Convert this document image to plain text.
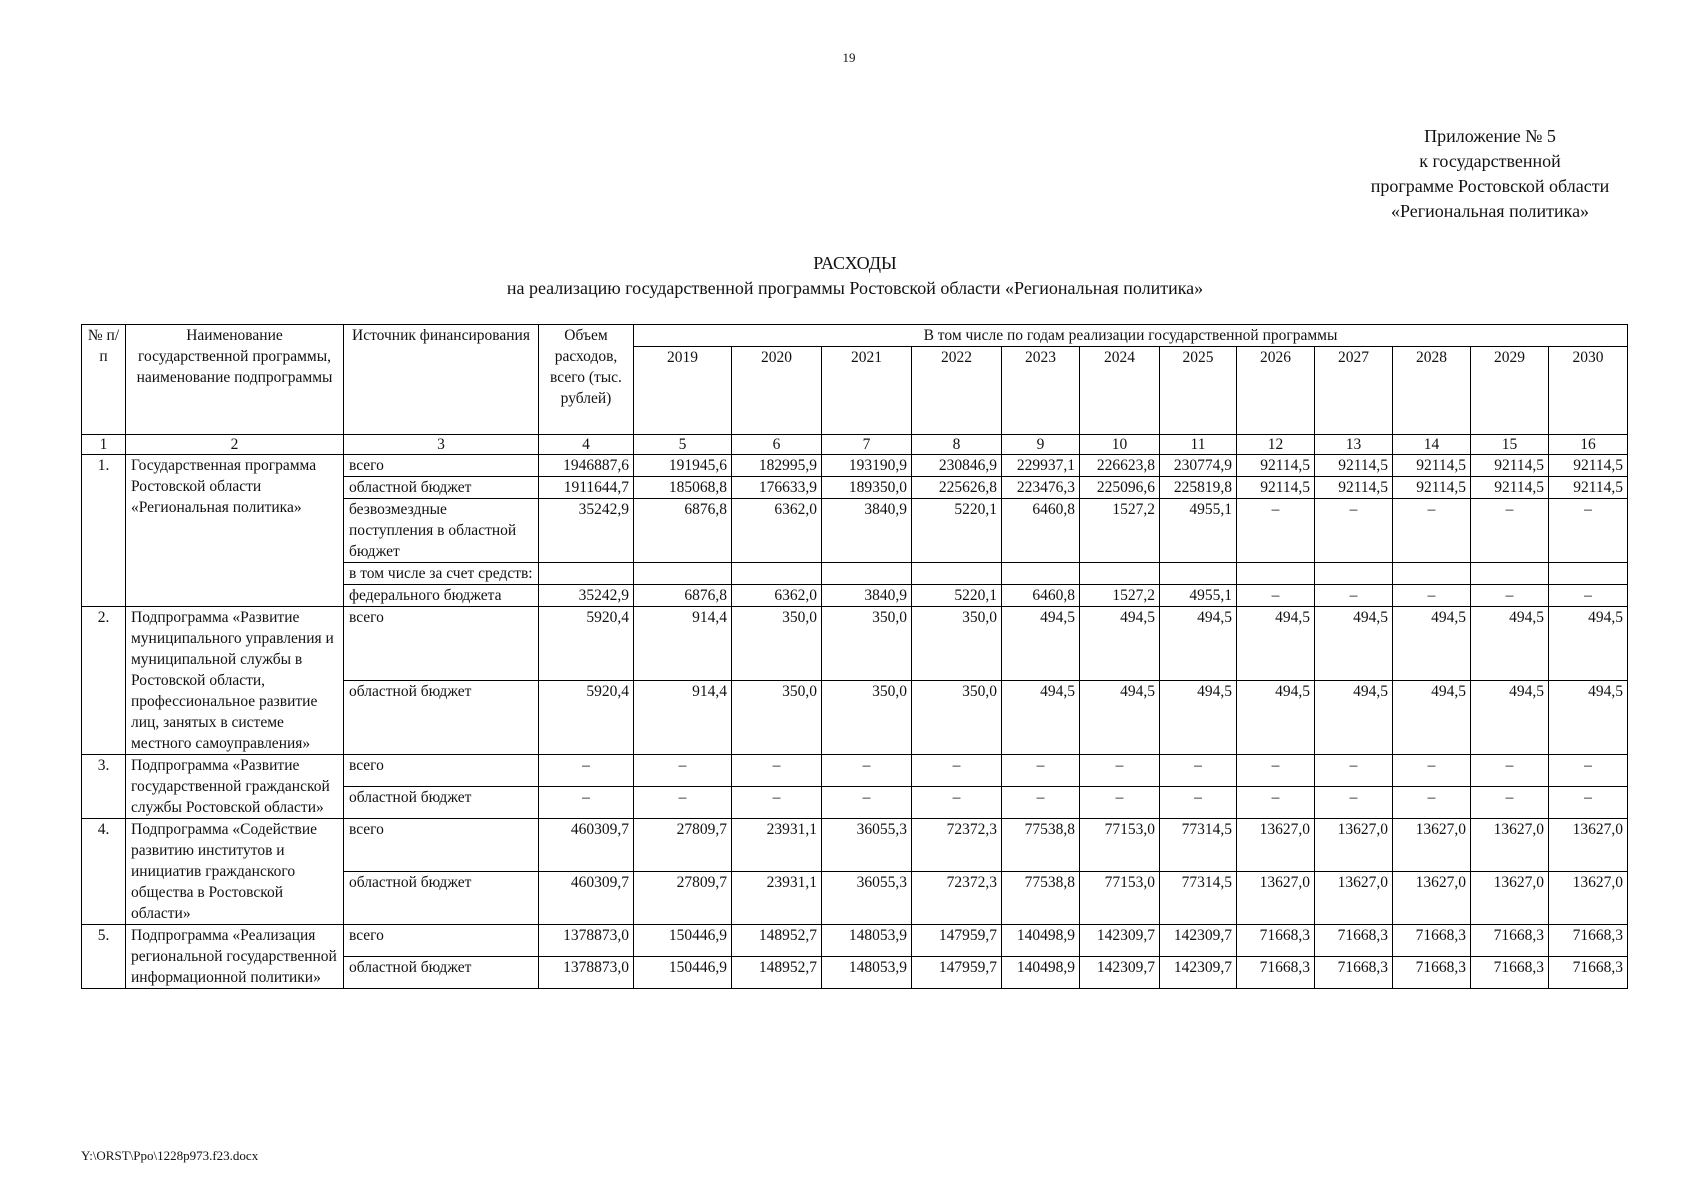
19
Приложение № 5
к государственной
программе Ростовской области
«Региональная политика»
РАСХОДЫ
на реализацию государственной программы Ростовской области «Региональная политика»
№ п/п	Наименование государственной программы, наименование подпрограммы	Источник финансирования	Объем расходов, всего (тыс. рублей)	В том числе по годам реализации государственной программы											
				2019	2020	2021	2022	2023	2024	2025	2026	2027	2028	2029	2030
1	2	3	4	5	6	7	8	9	10	11	12	13	14	15	16
1.	Государственная программа Ростовской области «Региональная политика»	всего	1946887,6	191945,6	182995,9	193190,9	230846,9	229937,1	226623,8	230774,9	92114,5	92114,5	92114,5	92114,5	92114,5
		областной бюджет	1911644,7	185068,8	176633,9	189350,0	225626,8	223476,3	225096,6	225819,8	92114,5	92114,5	92114,5	92114,5	92114,5
		безвозмездные поступления в областной бюджет	35242,9	6876,8	6362,0	3840,9	5220,1	6460,8	1527,2	4955,1	–	–	–	–	–
		в том числе за счет средств:													
		федерального бюджета	35242,9	6876,8	6362,0	3840,9	5220,1	6460,8	1527,2	4955,1	–	–	–	–	–
2.	Подпрограмма «Развитие муниципального управления и муниципальной службы в Ростовской области, профессиональное развитие лиц, занятых в системе местного самоуправления»	всего	5920,4	914,4	350,0	350,0	350,0	494,5	494,5	494,5	494,5	494,5	494,5	494,5	494,5
		областной бюджет	5920,4	914,4	350,0	350,0	350,0	494,5	494,5	494,5	494,5	494,5	494,5	494,5	494,5
3.	Подпрограмма «Развитие государственной гражданской службы Ростовской области»	всего	–	–	–	–	–	–	–	–	–	–	–	–	–
		областной бюджет	–	–	–	–	–	–	–	–	–	–	–	–	–
4.	Подпрограмма «Содействие развитию институтов и инициатив гражданского общества в Ростовской области»	всего	460309,7	27809,7	23931,1	36055,3	72372,3	77538,8	77153,0	77314,5	13627,0	13627,0	13627,0	13627,0	13627,0
		областной бюджет	460309,7	27809,7	23931,1	36055,3	72372,3	77538,8	77153,0	77314,5	13627,0	13627,0	13627,0	13627,0	13627,0
5.	Подпрограмма «Реализация региональной государственной информационной политики»	всего	1378873,0	150446,9	148952,7	148053,9	147959,7	140498,9	142309,7	142309,7	71668,3	71668,3	71668,3	71668,3	71668,3
		областной бюджет	1378873,0	150446,9	148952,7	148053,9	147959,7	140498,9	142309,7	142309,7	71668,3	71668,3	71668,3	71668,3	71668,3
Y:\ORST\Ppo\1228p973.f23.docx
